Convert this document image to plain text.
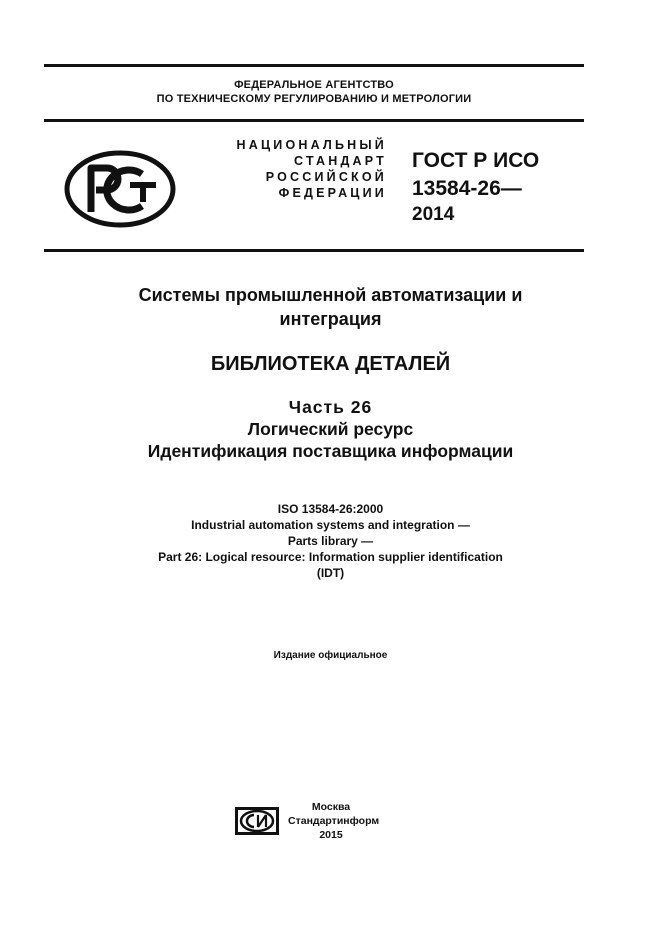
ФЕДЕРАЛЬНОЕ АГЕНТСТВО
ПО ТЕХНИЧЕСКОМУ РЕГУЛИРОВАНИЮ И МЕТРОЛОГИИ
НАЦИОНАЛЬНЫЙ
СТАНДАРТ
РОССИЙСКОЙ
ФЕДЕРАЦИИ
ГОСТ Р ИСО
13584-26—
2014
Системы промышленной автоматизации и
интеграция
БИБЛИОТЕКА ДЕТАЛЕЙ
Часть 26
Логический ресурс
Идентификация поставщика информации
ISO 13584-26:2000
Industrial automation systems and integration —
Parts library —
Part 26: Logical resource: Information supplier identification
(IDT)
Издание официальное
Москва
Стандартинформ
2015
